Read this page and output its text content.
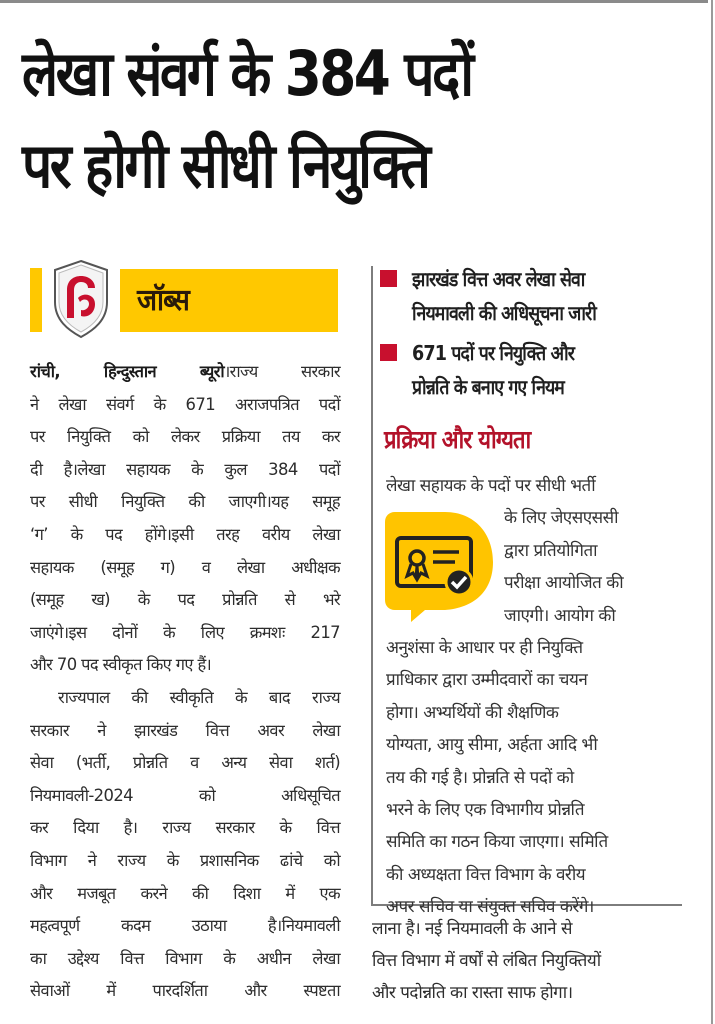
लेखा संवर्ग के 384 पदों
पर होगी सीधी नियुक्ति
जॉब्स
रांची, हिन्दुस्तान ब्यूरो।राज्य सरकार
ने लेखा संवर्ग के 671 अराजपत्रित पदों
पर नियुक्ति को लेकर प्रक्रिया तय कर
दी है।लेखा सहायक के कुल 384 पदों
पर सीधी नियुक्ति की जाएगी।यह समूह
‘ग’ के पद होंगे।इसी तरह वरीय लेखा
सहायक (समूह ग) व लेखा अधीक्षक
(समूह ख) के पद प्रोन्नति से भरे
जाएंगे।इस दोनों के लिए क्रमशः 217
और 70 पद स्वीकृत किए गए हैं।
राज्यपाल की स्वीकृति के बाद राज्य
सरकार ने झारखंड वित्त अवर लेखा
सेवा (भर्ती, प्रोन्नति व अन्य सेवा शर्त)
नियमावली-2024 को अधिसूचित
कर दिया है। राज्य सरकार के वित्त
विभाग ने राज्य के प्रशासनिक ढांचे को
और मजबूत करने की दिशा में एक
महत्वपूर्ण कदम उठाया है।नियमावली
का उद्देश्य वित्त विभाग के अधीन लेखा
सेवाओं में पारदर्शिता और स्पष्टता
झारखंड वित्त अवर लेखा सेवा
नियमावली की अधिसूचना जारी
671 पदों पर नियुक्ति और
प्रोन्नति के बनाए गए नियम
प्रक्रिया और योग्यता
लेखा सहायक के पदों पर सीधी भर्ती
के लिए जेएसएससी
द्वारा प्रतियोगिता
परीक्षा आयोजित की
जाएगी। आयोग की
अनुशंसा के आधार पर ही नियुक्ति
प्राधिकार द्वारा उम्मीदवारों का चयन
होगा। अभ्यर्थियों की शैक्षणिक
योग्यता, आयु सीमा, अर्हता आदि भी
तय की गई है। प्रोन्नति से पदों को
भरने के लिए एक विभागीय प्रोन्नति
समिति का गठन किया जाएगा। समिति
की अध्यक्षता वित्त विभाग के वरीय
अपर सचिव या संयुक्त सचिव करेंगे।
लाना है। नई नियमावली के आने से
वित्त विभाग में वर्षों से लंबित नियुक्तियों
और पदोन्नति का रास्ता साफ होगा।
